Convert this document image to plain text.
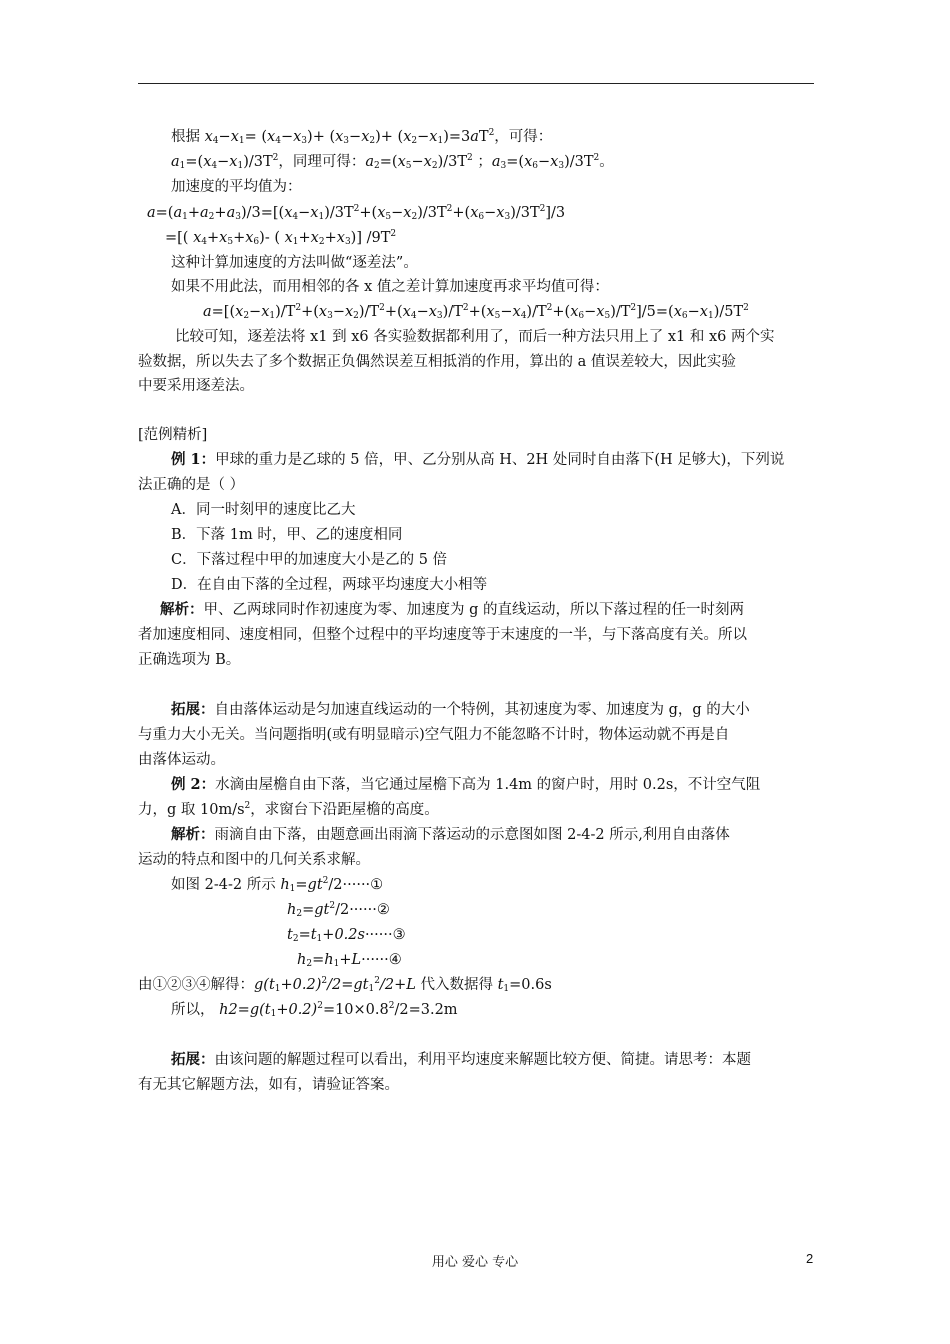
根据 $x_4-x_1= (x_4-x_3)+ (x_3-x_2)+ (x_2-x_1)=3aT^2$，可得：
$a_1=(x_4-x_1)/3T^2$，同理可得：$a_2=(x_5-x_2)/3T^2$ ；$a_3=(x_6-x_3)/3T^2$。
加速度的平均值为：
$a=(a_1+a_2+a_3)/3=[(x_4-x_1)/3T^2+(x_5-x_2)/3T^2+(x_6-x_3)/3T^2]/3$
=[( $x_4+x_5+x_6)-$ ( $x_1+x_2+x_3$)] $/9T^2$
这种计算加速度的方法叫做“逐差法”。
如果不用此法，而用相邻的各 x 值之差计算加速度再求平均值可得：
$a=[(x_2-x_1)/T^2+(x_3-x_2)/T^2+(x_4-x_3)/T^2+(x_5-x_4)/T^2+(x_6-x_5)/T^2]/5=(x_6-x_1)/5T^2$
比较可知，逐差法将 x1 到 x6 各实验数据都利用了，而后一种方法只用上了 x1 和 x6 两个实
验数据，所以失去了多个数据正负偶然误差互相抵消的作用，算出的 a 值误差较大，因此实验
中要采用逐差法。
[范例精析]
例 1：甲球的重力是乙球的 5 倍，甲、乙分别从高 H、2H 处同时自由落下(H 足够大)，下列说
法正确的是（ ）
A．同一时刻甲的速度比乙大
B．下落 1m 时，甲、乙的速度相同
C．下落过程中甲的加速度大小是乙的 5 倍
D．在自由下落的全过程，两球平均速度大小相等
解析：甲、乙两球同时作初速度为零、加速度为 g 的直线运动，所以下落过程的任一时刻两
者加速度相同、速度相同，但整个过程中的平均速度等于末速度的一半，与下落高度有关。所以
正确选项为 B。
拓展：自由落体运动是匀加速直线运动的一个特例，其初速度为零、加速度为 g，g 的大小
与重力大小无关。当问题指明(或有明显暗示)空气阻力不能忽略不计时，物体运动就不再是自
由落体运动。
例 2：水滴由屋檐自由下落，当它通过屋檐下高为 1.4m 的窗户时，用时 0.2s，不计空气阻
力，g 取 $10m/s^2$，求窗台下沿距屋檐的高度。
解析：雨滴自由下落，由题意画出雨滴下落运动的示意图如图 2-4-2 所示,利用自由落体
运动的特点和图中的几何关系求解。
如图 2-4-2 所示 $h_1=gt^2/2\cdot\cdot\cdot\cdot\cdot\cdot ①$
$h_2=gt^2/2\cdot\cdot\cdot\cdot\cdot\cdot ②$
$t_2=t_1+0.2s\cdot\cdot\cdot\cdot\cdot\cdot ③$
$h_2=h_1+L\cdot\cdot\cdot\cdot\cdot\cdot ④$
由①②③④解得：$g(t_1+0.2)^2/2=gt_1^2/2+L$ 代入数据得 $t_1=0.6s$
所以， $h2=g(t_1+0.2)^2=10\times 0.8^2/2=3.2m$
拓展：由该问题的解题过程可以看出，利用平均速度来解题比较方便、简捷。请思考：本题
有无其它解题方法，如有，请验证答案。
用心 爱心 专心	2
